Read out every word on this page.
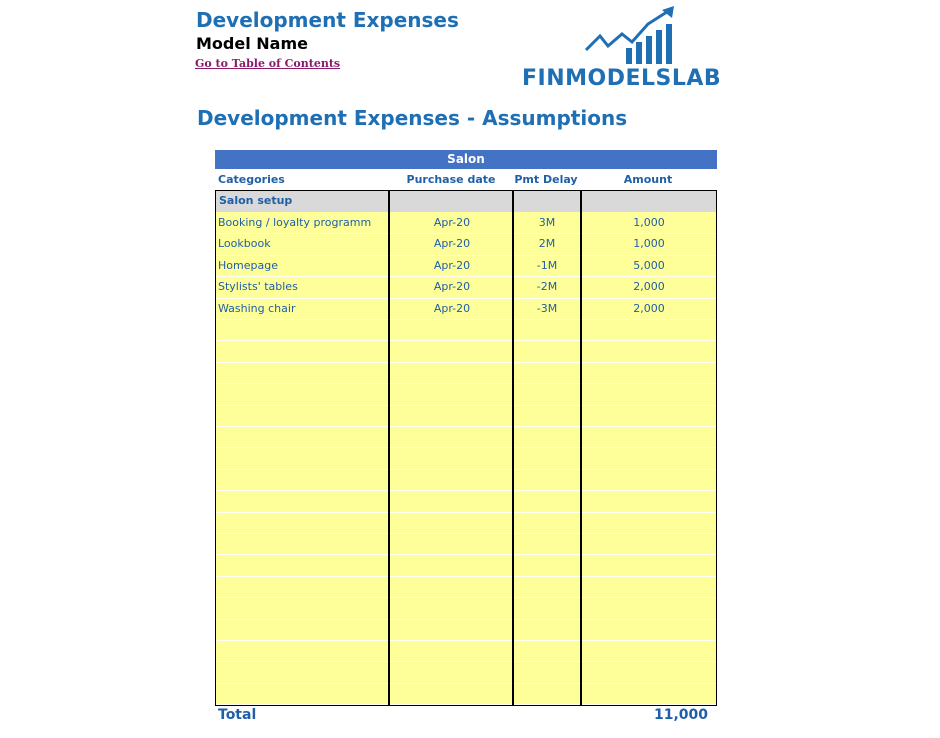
Development Expenses
Model Name
Go to Table of Contents
FINMODELSLAB
Development Expenses - Assumptions
Salon
Categories	Purchase date	Pmt Delay	Amount
Salon setup
Booking / loyalty programm	Apr-20	3M	1,000
Lookbook	Apr-20	2M	1,000
Homepage	Apr-20	-1M	5,000
Stylists' tables	Apr-20	-2M	2,000
Washing chair	Apr-20	-3M	2,000
Total	11,000
